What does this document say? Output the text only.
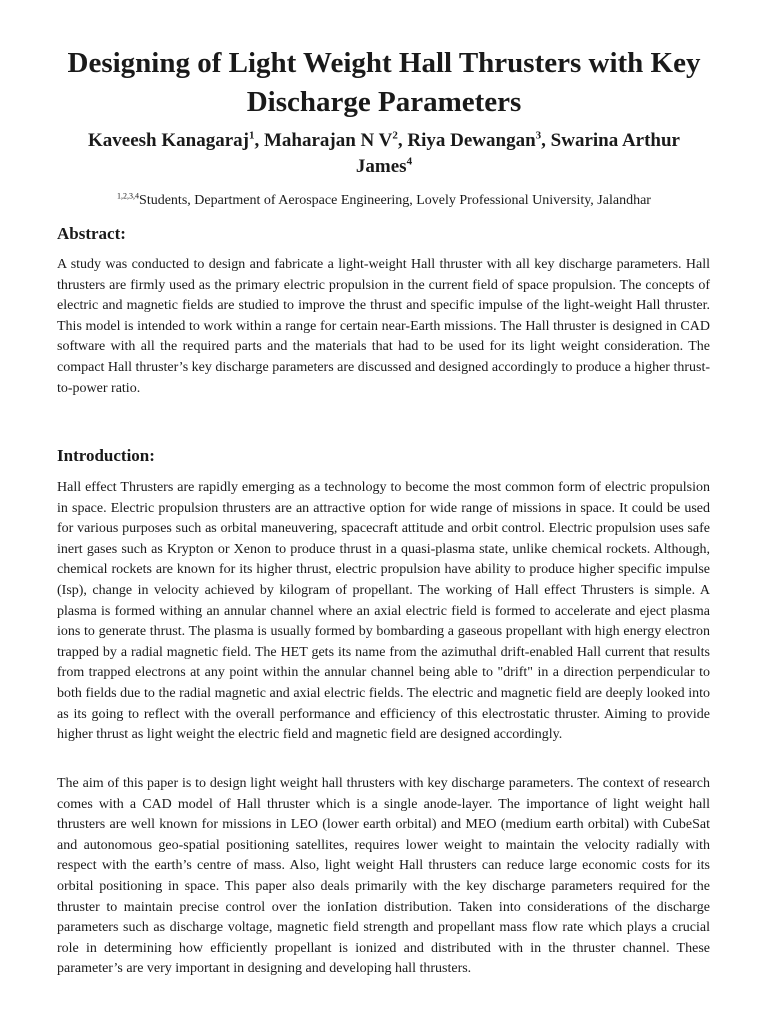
Designing of Light Weight Hall Thrusters with Key Discharge Parameters
Kaveesh Kanagaraj$^1$, Maharajan N $V^2$, Riya Dewangan$^3$, Swarina Arthur James$^4$
$^{1,2,3,4}$Students, Department of Aerospace Engineering, Lovely Professional University, Jalandhar
Abstract:
A study was conducted to design and fabricate a light-weight Hall thruster with all key discharge parameters. Hall thrusters are firmly used as the primary electric propulsion in the current field of space propulsion. The concepts of electric and magnetic fields are studied to improve the thrust and specific impulse of the light-weight Hall thruster. This model is intended to work within a range for certain near-Earth missions. The Hall thruster is designed in CAD software with all the required parts and the materials that had to be used for its light weight consideration. The compact Hall thruster’s key discharge parameters are discussed and designed accordingly to produce a higher thrust-to-power ratio.
Introduction:
Hall effect Thrusters are rapidly emerging as a technology to become the most common form of electric propulsion in space. Electric propulsion thrusters are an attractive option for wide range of missions in space. It could be used for various purposes such as orbital maneuvering, spacecraft attitude and orbit control. Electric propulsion uses safe inert gases such as Krypton or Xenon to produce thrust in a quasi-plasma state, unlike chemical rockets. Although, chemical rockets are known for its higher thrust, electric propulsion have ability to produce higher specific impulse (Isp), change in velocity achieved by kilogram of propellant. The working of Hall effect Thrusters is simple. A plasma is formed withing an annular channel where an axial electric field is formed to accelerate and eject plasma ions to generate thrust. The plasma is usually formed by bombarding a gaseous propellant with high energy electron trapped by a radial magnetic field. The HET gets its name from the azimuthal drift-enabled Hall current that results from trapped electrons at any point within the annular channel being able to "drift" in a direction perpendicular to both fields due to the radial magnetic and axial electric fields. The electric and magnetic field are deeply looked into as its going to reflect with the overall performance and efficiency of this electrostatic thruster. Aiming to provide higher thrust as light weight the electric field and magnetic field are designed accordingly.
The aim of this paper is to design light weight hall thrusters with key discharge parameters. The context of research comes with a CAD model of Hall thruster which is a single anode-layer. The importance of light weight hall thrusters are well known for missions in LEO (lower earth orbital) and MEO (medium earth orbital) with CubeSat and autonomous geo-spatial positioning satellites, requires lower weight to maintain the velocity radially with respect with the earth’s centre of mass. Also, light weight Hall thrusters can reduce large economic costs for its orbital positioning in space. This paper also deals primarily with the key discharge parameters required for the thruster to maintain precise control over the ionIation distribution. Taken into considerations of the discharge parameters such as discharge voltage, magnetic field strength and propellant mass flow rate which plays a crucial role in determining how efficiently propellant is ionized and distributed with in the thruster channel. These parameter’s are very important in designing and developing hall thrusters.
